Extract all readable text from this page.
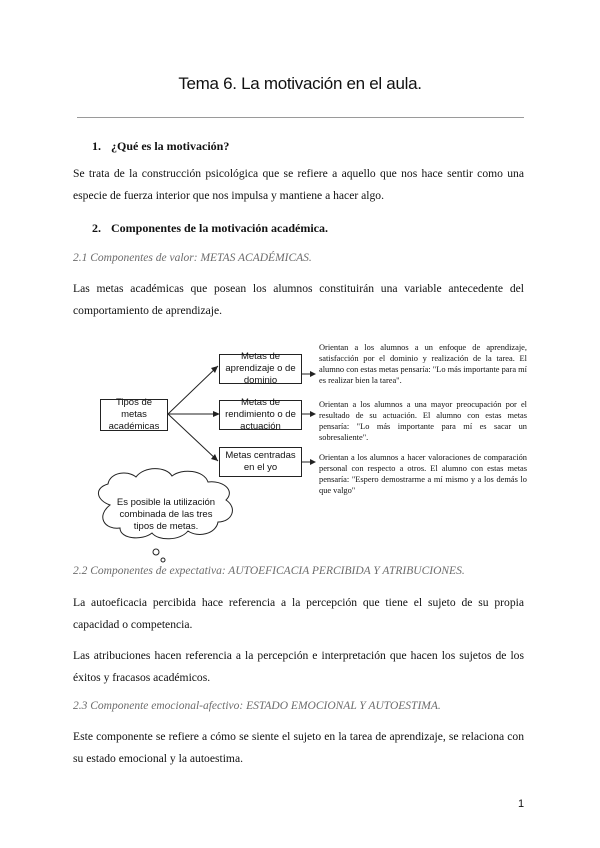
Tema 6. La motivación en el aula.
1. ¿Qué es la motivación?

Se trata de la construcción psicológica que se refiere a aquello que nos hace sentir como una especie de fuerza interior que nos impulsa y mantiene a hacer algo.

2. Componentes de la motivación académica.
2.1 Componentes de valor: METAS ACADÉMICAS.

Las metas académicas que posean los alumnos constituirán una variable antecedente del comportamiento de aprendizaje.

Tipos de metas académicas
Metas de aprendizaje o de dominio
Metas de rendimiento o de actuación
Metas centradas en el yo

Orientan a los alumnos a un enfoque de aprendizaje, satisfacción por el dominio y realización de la tarea. El alumno con estas metas pensaría: "Lo más importante para mí es realizar bien la tarea".

Orientan a los alumnos a una mayor preocupación por el resultado de su actuación. El alumno con estas metas pensaría: "Lo más importante para mí es sacar un sobresaliente".

Orientan a los alumnos a hacer valoraciones de comparación personal con respecto a otros. El alumno con estas metas pensaría: "Espero demostrarme a mí mismo y a los demás lo que valgo"

Es posible la utilización combinada de las tres tipos de metas.
2.2 Componentes de expectativa: AUTOEFICACIA PERCIBIDA Y ATRIBUCIONES.

La autoeficacia percibida hace referencia a la percepción que tiene el sujeto de su propia capacidad o competencia.

Las atribuciones hacen referencia a la percepción e interpretación que hacen los sujetos de los éxitos y fracasos académicos.

2.3 Componente emocional-afectivo: ESTADO EMOCIONAL Y AUTOESTIMA.

Este componente se refiere a cómo se siente el sujeto en la tarea de aprendizaje, se relaciona con su estado emocional y la autoestima.

1
